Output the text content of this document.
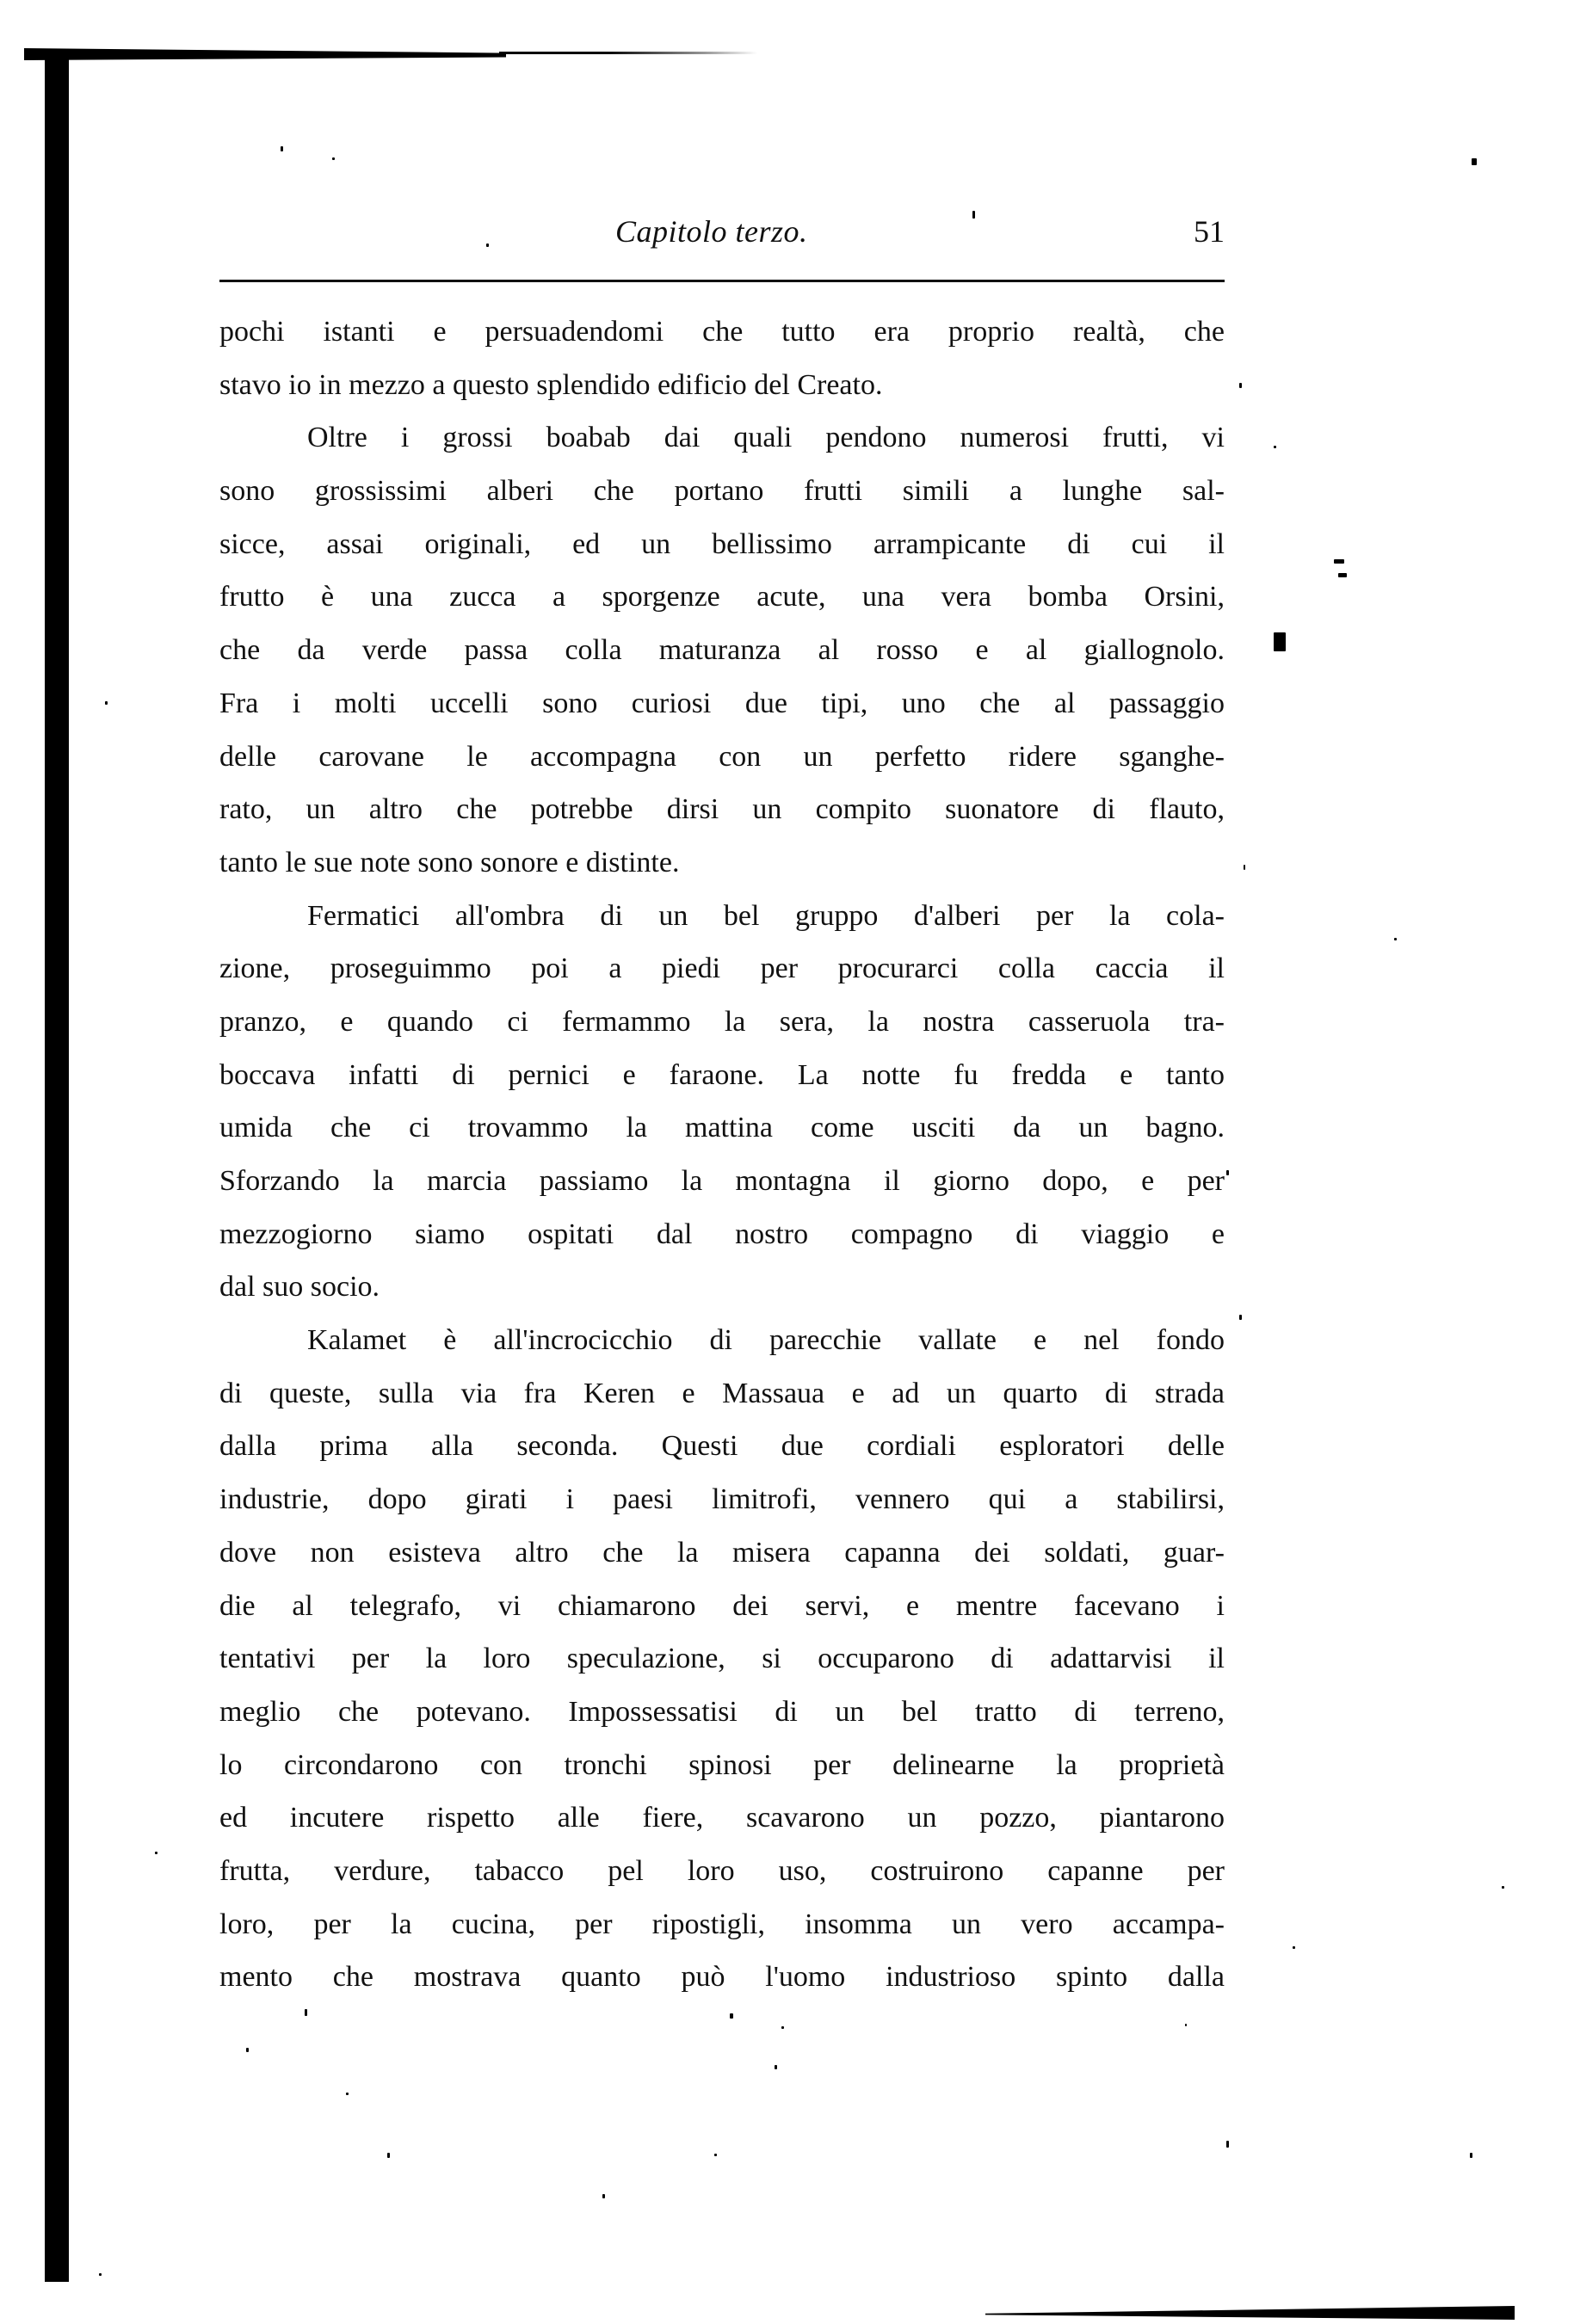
Capitolo terzo.	51
pochi istanti e persuadendomi che tutto era proprio realtà, che
stavo io in mezzo a questo splendido edificio del Creato.
Oltre i grossi boabab dai quali pendono numerosi frutti, vi
sono grossissimi alberi che portano frutti simili a lunghe sal-
sicce, assai originali, ed un bellissimo arrampicante di cui il
frutto è una zucca a sporgenze acute, una vera bomba Orsini,
che da verde passa colla maturanza al rosso e al giallognolo.
Fra i molti uccelli sono curiosi due tipi, uno che al passaggio
delle carovane le accompagna con un perfetto ridere sganghe-
rato, un altro che potrebbe dirsi un compito suonatore di flauto,
tanto le sue note sono sonore e distinte.
Fermatici all'ombra di un bel gruppo d'alberi per la cola-
zione, proseguimmo poi a piedi per procurarci colla caccia il
pranzo, e quando ci fermammo la sera, la nostra casseruola tra-
boccava infatti di pernici e faraone. La notte fu fredda e tanto
umida che ci trovammo la mattina come usciti da un bagno.
Sforzando la marcia passiamo la montagna il giorno dopo, e per
mezzogiorno siamo ospitati dal nostro compagno di viaggio e
dal suo socio.
Kalamet è all'incrocicchio di parecchie vallate e nel fondo
di queste, sulla via fra Keren e Massaua e ad un quarto di strada
dalla prima alla seconda. Questi due cordiali esploratori delle
industrie, dopo girati i paesi limitrofi, vennero qui a stabilirsi,
dove non esisteva altro che la misera capanna dei soldati, guar-
die al telegrafo, vi chiamarono dei servi, e mentre facevano i
tentativi per la loro speculazione, si occuparono di adattarvisi il
meglio che potevano. Impossessatisi di un bel tratto di terreno,
lo circondarono con tronchi spinosi per delinearne la proprietà
ed incutere rispetto alle fiere, scavarono un pozzo, piantarono
frutta, verdure, tabacco pel loro uso, costruirono capanne per
loro, per la cucina, per ripostigli, insomma un vero accampa-
mento che mostrava quanto può l'uomo industrioso spinto dalla
